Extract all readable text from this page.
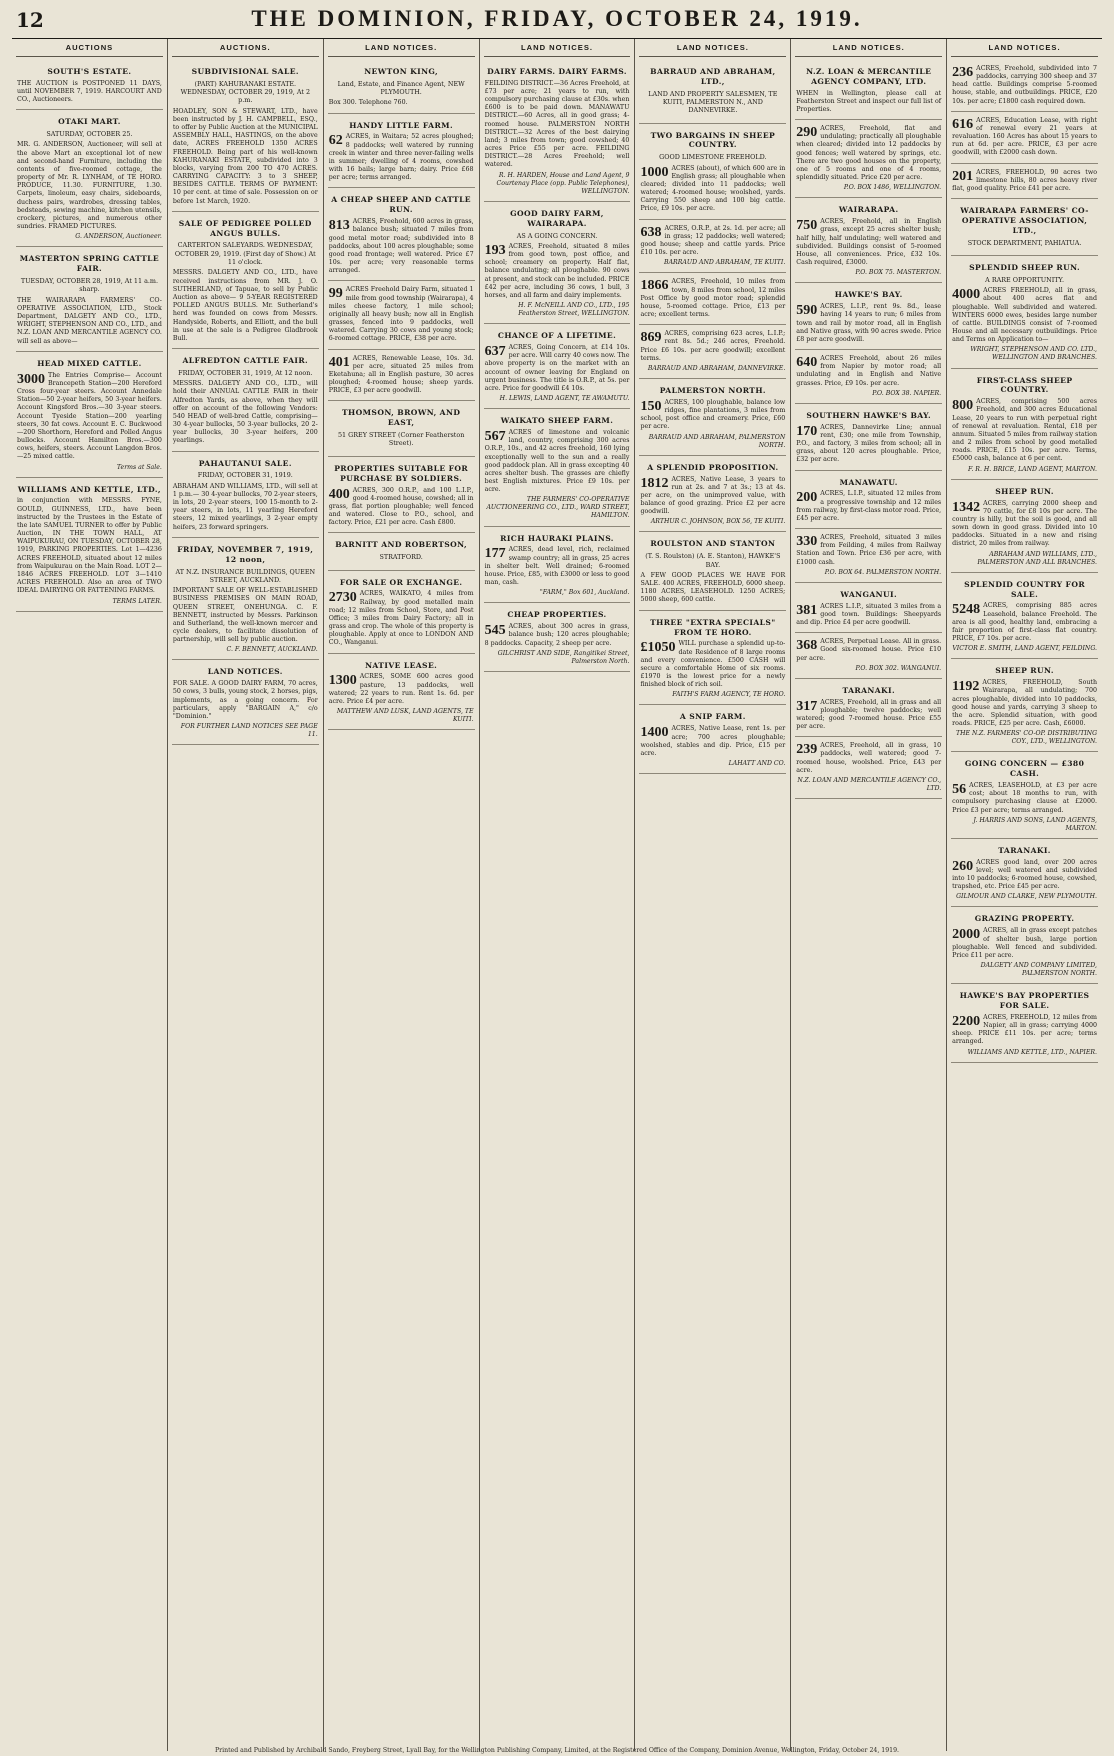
12	THE DOMINION, FRIDAY, OCTOBER 24, 1919.
AUCTIONS
SOUTH'S ESTATE.

THE AUCTION is POSTPONED 11 DAYS, until NOVEMBER 7, 1919. HARCOURT AND CO., Auctioneers.

OTAKI MART.
SATURDAY, OCTOBER 25.

MR. G. ANDERSON, Auctioneer, will sell at the above Mart an exceptional lot of new and second-hand Furniture, including the contents of five-roomed cottage, the property of Mr. R. LYNHAM, of TE HORO. PRODUCE, 11.30. FURNITURE, 1.30. Carpets, linoleum, easy chairs, sideboards, duchess pairs, wardrobes, dressing tables, bedsteads, sewing machine, kitchen utensils, crockery, pictures, and numerous other sundries. FRAMED PICTURES.

G. ANDERSON, Auctioneer.
MASTERTON SPRING CATTLE FAIR.
TUESDAY, OCTOBER 28, 1919, At 11 a.m. sharp.

THE WAIRARAPA FARMERS' CO-OPERATIVE ASSOCIATION, LTD., Stock Department, DALGETY AND CO., LTD., WRIGHT, STEPHENSON AND CO., LTD., and N.Z. LOAN AND MERCANTILE AGENCY CO. will sell as above—

HEAD MIXED CATTLE.

3000 The Entries Comprise— Account Brancepeth Station—200 Hereford Cross four-year steers. Account Annedale Station—50 2-year heifers, 50 3-year heifers. Account Kingsford Bros.—30 3-year steers. Account Tyeside Station—200 yearling steers, 30 fat cows. Account E. C. Buckwood—200 Shorthorn, Hereford and Polled Angus bullocks. Account Hamilton Bros.—300 cows, heifers, steers. Account Langdon Bros.—25 mixed cattle.

Terms at Sale.
WILLIAMS AND KETTLE, LTD.,

in conjunction with MESSRS. FYNE, GOULD, GUINNESS, LTD., have been instructed by the Trustees in the Estate of the late SAMUEL TURNER to offer by Public Auction, IN THE TOWN HALL, AT WAIPUKURAU, ON TUESDAY, OCTOBER 28, 1919, PARKING PROPERTIES. Lot 1—4236 ACRES FREEHOLD, situated about 12 miles from Waipukurau on the Main Road. LOT 2—1846 ACRES FREEHOLD. LOT 3—1410 ACRES FREEHOLD. Also an area of TWO IDEAL DAIRYING OR FATTENING FARMS.

TERMS LATER.
AUCTIONS.
SUBDIVISIONAL SALE.
(PART) KAHURANAKI ESTATE. WEDNESDAY, OCTOBER 29, 1919, At 2 p.m.

HOADLEY, SON & STEWART, LTD., have been instructed by J. H. CAMPBELL, ESQ., to offer by Public Auction at the MUNICIPAL ASSEMBLY HALL, HASTINGS, on the above date, ACRES FREEHOLD 1350 ACRES FREEHOLD. Being part of his well-known KAHURANAKI ESTATE, subdivided into 3 blocks, varying from 200 TO 470 ACRES. CARRYING CAPACITY: 3 to 3 SHEEP, BESIDES CATTLE. TERMS OF PAYMENT: 10 per cent. at time of sale. Possession on or before 1st March, 1920.

SALE OF PEDIGREE POLLED ANGUS BULLS.
CARTERTON SALEYARDS. WEDNESDAY, OCTOBER 29, 1919. (First day of Show.) At 11 o'clock.

MESSRS. DALGETY AND CO., LTD., have received instructions from MR. J. O. SUTHERLAND, of Tapuae, to sell by Public Auction as above— 9 5-YEAR REGISTERED POLLED ANGUS BULLS. Mr. Sutherland's herd was founded on cows from Messrs. Handyside, Roberts, and Elliott, and the bull in use at the sale is a Pedigree Gladbrook Bull.

ALFREDTON CATTLE FAIR.
FRIDAY, OCTOBER 31, 1919, At 12 noon.

MESSRS. DALGETY AND CO., LTD., will hold their ANNUAL CATTLE FAIR in their Alfredton Yards, as above, when they will offer on account of the following Vendors: 540 HEAD of well-bred Cattle, comprising— 30 4-year bullocks, 50 3-year bullocks, 20 2-year bullocks, 30 3-year heifers, 200 yearlings.

PAHAUTANUI SALE.
FRIDAY, OCTOBER 31, 1919.

ABRAHAM AND WILLIAMS, LTD., will sell at 1 p.m.— 30 4-year bullocks, 70 2-year steers, in lots, 20 2-year steers, 100 15-month to 2-year steers, in lots, 11 yearling Hereford steers, 12 mixed yearlings, 3 2-year empty heifers, 23 forward springers.

FRIDAY, NOVEMBER 7, 1919, 12 noon,
AT N.Z. INSURANCE BUILDINGS, QUEEN STREET, AUCKLAND.

IMPORTANT SALE OF WELL-ESTABLISHED BUSINESS PREMISES ON MAIN ROAD, QUEEN STREET, ONEHUNGA. C. F. BENNETT, instructed by Messrs. Parkinson and Sutherland, the well-known mercer and cycle dealers, to facilitate dissolution of partnership, will sell by public auction.

C. F. BENNETT, AUCKLAND.
LAND NOTICES.

FOR SALE. A GOOD DAIRY FARM, 70 acres, 50 cows, 3 bulls, young stock, 2 horses, pigs, implements, as a going concern. For particulars, apply "BARGAIN A," c/o "Dominion."

FOR FURTHER LAND NOTICES SEE PAGE 11.
LAND NOTICES.
NEWTON KING,
Land, Estate, and Finance Agent, NEW PLYMOUTH.

Box 300. Telephone 760.

HANDY LITTLE FARM.

62 ACRES, in Waitara; 52 acres ploughed; 8 paddocks; well watered by running creek in winter and three never-failing wells in summer; dwelling of 4 rooms, cowshed with 16 bails; large barn; dairy. Price £68 per acre; terms arranged.

A CHEAP SHEEP AND CATTLE RUN.

813 ACRES, Freehold, 600 acres in grass, balance bush; situated 7 miles from good metal motor road; subdivided into 8 paddocks, about 100 acres ploughable; some good road frontage; well watered. Price £7 10s. per acre; very reasonable terms arranged.

99 ACRES Freehold Dairy Farm, situated 1 mile from good township (Wairarapa), 4 miles cheese factory, 1 mile school; originally all heavy bush; now all in English grasses, fenced into 9 paddocks, well watered. Carrying 30 cows and young stock; 6-roomed cottage. PRICE, £38 per acre.

401 ACRES, Renewable Lease, 10s. 3d. per acre, situated 25 miles from Eketahuna; all in English pasture, 30 acres ploughed; 4-roomed house; sheep yards. PRICE, £3 per acre goodwill.

THOMSON, BROWN, AND EAST,
51 GREY STREET (Corner Featherston Street).
PROPERTIES SUITABLE FOR PURCHASE BY SOLDIERS.

400 ACRES, 300 O.R.P., and 100 L.I.P., good 4-roomed house, cowshed; all in grass, flat portion ploughable; well fenced and watered. Close to P.O., school, and factory. Price, £21 per acre. Cash £800.

BARNITT AND ROBERTSON,
STRATFORD.
FOR SALE OR EXCHANGE.

2730 ACRES, WAIKATO, 4 miles from Railway, by good metalled main road; 12 miles from School, Store, and Post Office; 3 miles from Dairy Factory; all in grass and crop. The whole of this property is ploughable. Apply at once to LONDON AND CO., Wanganui.

NATIVE LEASE.

1300 ACRES, SOME 600 acres good pasture, 13 paddocks, well watered; 22 years to run. Rent 1s. 6d. per acre. Price £4 per acre.

MATTHEW AND LUSK, LAND AGENTS, TE KUITI.
LAND NOTICES.
DAIRY FARMS. DAIRY FARMS.

FEILDING DISTRICT.—36 Acres Freehold, at £73 per acre; 21 years to run, with compulsory purchasing clause at £30s. when £600 is to be paid down. MANAWATU DISTRICT.—60 Acres, all in good grass; 4-roomed house. PALMERSTON NORTH DISTRICT.—32 Acres of the best dairying land; 3 miles from town; good cowshed; 40 acres Price £55 per acre. FEILDING DISTRICT.—28 Acres Freehold; well watered.

R. H. HARDEN, House and Land Agent, 9 Courtenay Place (opp. Public Telephones), WELLINGTON.
GOOD DAIRY FARM, WAIRARAPA.
AS A GOING CONCERN.

193 ACRES, Freehold, situated 8 miles from good town, post office, and school; creamery on property. Half flat, balance undulating; all ploughable. 90 cows at present, and stock can be included. PRICE £42 per acre, including 36 cows, 1 bull, 3 horses, and all farm and dairy implements.

H. F. McNEILL AND CO., LTD., 195 Featherston Street, WELLINGTON.
CHANCE OF A LIFETIME.

637 ACRES, Going Concern, at £14 10s. per acre. Will carry 40 cows now. The above property is on the market with an account of owner leaving for England on urgent business. The title is O.R.P., at 5s. per acre. Price for goodwill £4 10s.

H. LEWIS, LAND AGENT, TE AWAMUTU.
WAIKATO SHEEP FARM.

567 ACRES of limestone and volcanic land, country, comprising 300 acres O.R.P., 10s., and 42 acres freehold, 160 lying exceptionally well to the sun and a really good paddock plan. All in grass excepting 40 acres shelter bush. The grasses are chiefly best English mixtures. Price £9 10s. per acre.

THE FARMERS' CO-OPERATIVE AUCTIONEERING CO., LTD., WARD STREET, HAMILTON.
RICH HAURAKI PLAINS.

177 ACRES, dead level, rich, reclaimed swamp country; all in grass, 25 acres in shelter belt. Well drained; 6-roomed house. Price, £85, with £3000 or less to good man, cash.

"FARM," Box 601, Auckland.
CHEAP PROPERTIES.

545 ACRES, about 300 acres in grass, balance bush; 120 acres ploughable; 8 paddocks. Capacity, 2 sheep per acre.

GILCHRIST AND SIDE, Rangitikei Street, Palmerston North.
LAND NOTICES.
BARRAUD AND ABRAHAM, LTD.,
LAND AND PROPERTY SALESMEN, TE KUITI, PALMERSTON N., AND DANNEVIRKE.
TWO BARGAINS IN SHEEP COUNTRY.
GOOD LIMESTONE FREEHOLD.

1000 ACRES (about), of which 600 are in English grass; all ploughable when cleared; divided into 11 paddocks; well watered; 4-roomed house; woolshed, yards. Carrying 550 sheep and 100 big cattle. Price, £9 10s. per acre.

638 ACRES, O.R.P., at 2s. 1d. per acre; all in grass; 12 paddocks; well watered; good house; sheep and cattle yards. Price £10 10s. per acre.

BARRAUD AND ABRAHAM, TE KUITI.

1866 ACRES, Freehold, 10 miles from town, 8 miles from school, 12 miles Post Office by good motor road; splendid house, 5-roomed cottage. Price, £13 per acre; excellent terms.

869 ACRES, comprising 623 acres, L.I.P.; rent 8s. 5d.; 246 acres, Freehold. Price £6 10s. per acre goodwill; excellent terms.

BARRAUD AND ABRAHAM, DANNEVIRKE.
PALMERSTON NORTH.

150 ACRES, 100 ploughable, balance low ridges, fine plantations, 3 miles from school, post office and creamery. Price, £60 per acre.

BARRAUD AND ABRAHAM, PALMERSTON NORTH.
A SPLENDID PROPOSITION.

1812 ACRES, Native Lease, 3 years to run at 2s. and 7 at 3s.; 13 at 4s. per acre, on the unimproved value, with balance of good grazing. Price £2 per acre goodwill.

ARTHUR C. JOHNSON, BOX 56, TE KUITI.
ROULSTON AND STANTON
(T. S. Roulston) (A. E. Stanton), HAWKE'S BAY.

A FEW GOOD PLACES WE HAVE FOR SALE. 400 ACRES, FREEHOLD, 6000 sheep. 1180 ACRES, LEASEHOLD. 1250 ACRES; 5000 sheep, 600 cattle.

THREE "EXTRA SPECIALS" FROM TE HORO.

£1050 WILL purchase a splendid up-to-date Residence of 8 large rooms and every convenience. £500 CASH will secure a comfortable Home of six rooms. £1970 is the lowest price for a newly finished block of rich soil.

FAITH'S FARM AGENCY, TE HORO.
A SNIP FARM.

1400 ACRES, Native Lease, rent 1s. per acre; 700 acres ploughable; woolshed, stables and dip. Price, £15 per acre.

LAHATT AND CO.
LAND NOTICES.
N.Z. LOAN & MERCANTILE AGENCY COMPANY, LTD.

WHEN in Wellington, please call at Featherston Street and inspect our full list of Properties.

290 ACRES, Freehold, flat and undulating; practically all ploughable when cleared; divided into 12 paddocks by good fences; well watered by springs, etc. There are two good houses on the property, one of 5 rooms and one of 4 rooms, splendidly situated. Price £20 per acre.

P.O. BOX 1486, WELLINGTON.
WAIRARAPA.

750 ACRES, Freehold, all in English grass, except 25 acres shelter bush; half hilly, half undulating; well watered and subdivided. Buildings consist of 5-roomed House, all conveniences. Price, £32 10s. Cash required, £3000.

P.O. BOX 75. MASTERTON.
HAWKE'S BAY.

590 ACRES, L.I.P., rent 9s. 8d., lease having 14 years to run; 6 miles from town and rail by motor road, all in English and Native grass, with 90 acres swede. Price £8 per acre goodwill.

640 ACRES Freehold, about 26 miles from Napier by motor road; all undulating and in English and Native grasses. Price, £9 10s. per acre.

P.O. BOX 38. NAPIER.
SOUTHERN HAWKE'S BAY.

170 ACRES, Dannevirke Line; annual rent, £30; one mile from Township, P.O., and factory, 3 miles from school; all in grass, about 120 acres ploughable. Price, £32 per acre.

MANAWATU.

200 ACRES, L.I.P., situated 12 miles from a progressive township and 12 miles from railway, by first-class motor road. Price, £45 per acre.

330 ACRES, Freehold, situated 3 miles from Feilding, 4 miles from Railway Station and Town. Price £36 per acre, with £1000 cash.

P.O. BOX 64. PALMERSTON NORTH.
WANGANUI.

381 ACRES L.I.P., situated 3 miles from a good town. Buildings: Sheepyards and dip. Price £4 per acre goodwill.

368 ACRES, Perpetual Lease. All in grass. Good six-roomed house. Price £10 per acre.

P.O. BOX 302. WANGANUI.
TARANAKI.

317 ACRES, Freehold, all in grass and all ploughable; twelve paddocks; well watered; good 7-roomed house. Price £55 per acre.

239 ACRES, Freehold, all in grass, 10 paddocks, well watered; good 7-roomed house, woolshed. Price, £43 per acre.

N.Z. LOAN AND MERCANTILE AGENCY CO., LTD.
LAND NOTICES.

236 ACRES, Freehold, subdivided into 7 paddocks, carrying 300 sheep and 37 head cattle. Buildings comprise 5-roomed house, stable, and outbuildings. PRICE, £20 10s. per acre; £1800 cash required down.

616 ACRES, Education Lease, with right of renewal every 21 years at revaluation. 160 Acres has about 15 years to run at 6d. per acre. PRICE, £3 per acre goodwill, with £2000 cash down.

201 ACRES, FREEHOLD, 90 acres two limestone hills, 80 acres heavy river flat, good quality. Price £41 per acre.

WAIRARAPA FARMERS' CO-OPERATIVE ASSOCIATION, LTD.,
STOCK DEPARTMENT, PAHIATUA.
SPLENDID SHEEP RUN.
A RARE OPPORTUNITY.

4000 ACRES FREEHOLD, all in grass, about 400 acres flat and ploughable. Well subdivided and watered. WINTERS 6000 ewes, besides large number of cattle. BUILDINGS consist of 7-roomed House and all necessary outbuildings. Price and Terms on Application to—

WRIGHT, STEPHENSON AND CO. LTD., WELLINGTON AND BRANCHES.
FIRST-CLASS SHEEP COUNTRY.

800 ACRES, comprising 500 acres Freehold, and 300 acres Educational Lease, 20 years to run with perpetual right of renewal at revaluation. Rental, £18 per annum. Situated 5 miles from railway station and 2 miles from school by good metalled roads. PRICE, £15 10s. per acre. Terms, £5000 cash, balance at 6 per cent.

F. R. H. BRICE, LAND AGENT, MARTON.
SHEEP RUN.

1342 ACRES, carrying 2000 sheep and 70 cattle, for £8 10s per acre. The country is hilly, but the soil is good, and all sown down in good grass. Divided into 10 paddocks. Situated in a new and rising district, 20 miles from railway.

ABRAHAM AND WILLIAMS, LTD., PALMERSTON AND ALL BRANCHES.
SPLENDID COUNTRY FOR SALE.

5248 ACRES, comprising 885 acres Leasehold, balance Freehold. The area is all good, healthy land, embracing a fair proportion of first-class flat country. PRICE, £7 10s. per acre.

VICTOR E. SMITH, LAND AGENT, FEILDING.
SHEEP RUN.

1192 ACRES, FREEHOLD, South Wairarapa, all undulating; 700 acres ploughable, divided into 10 paddocks, good house and yards, carrying 3 sheep to the acre. Splendid situation, with good roads. PRICE, £25 per acre. Cash, £6000.

THE N.Z. FARMERS' CO-OP. DISTRIBUTING COY., LTD., WELLINGTON.
GOING CONCERN — £380 CASH.

56 ACRES, LEASEHOLD, at £3 per acre cost; about 18 months to run, with compulsory purchasing clause at £2000. Price £3 per acre; terms arranged.

J. HARRIS AND SONS, LAND AGENTS, MARTON.
TARANAKI.

260 ACRES good land, over 200 acres level; well watered and subdivided into 10 paddocks; 6-roomed house, cowshed, trapshed, etc. Price £45 per acre.

GILMOUR AND CLARKE, NEW PLYMOUTH.
GRAZING PROPERTY.

2000 ACRES, all in grass except patches of shelter bush, large portion ploughable. Well fenced and subdivided. Price £11 per acre.

DALGETY AND COMPANY LIMITED, PALMERSTON NORTH.
HAWKE'S BAY PROPERTIES FOR SALE.

2200 ACRES, FREEHOLD, 12 miles from Napier, all in grass; carrying 4000 sheep. PRICE £11 10s. per acre; terms arranged.

WILLIAMS AND KETTLE, LTD., NAPIER.
Printed and Published by Archibald Sando, Freyberg Street, Lyall Bay, for the Wellington Publishing Company, Limited, at the Registered Office of the Company, Dominion Avenue, Wellington, Friday, October 24, 1919.
